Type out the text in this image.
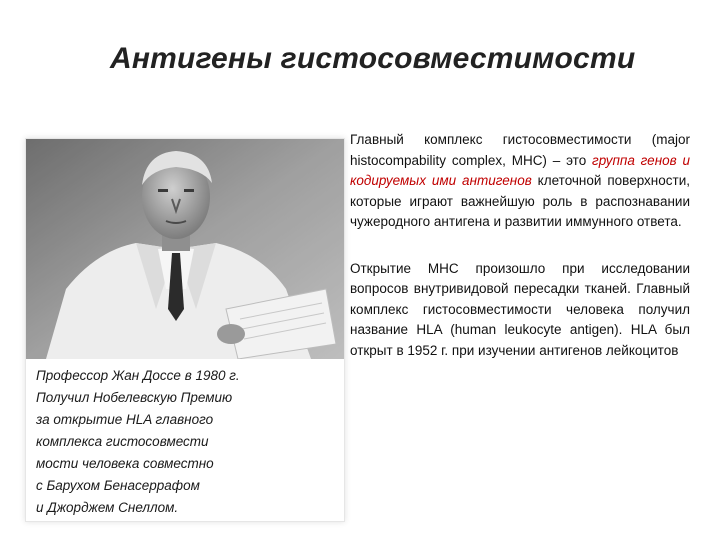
Антигены гистосовместимости
Профессор Жан Доссе в 1980 г.
Получил Нобелевскую Премию
за открытие HLA главного
комплекса гистосовмести
мости человека совместно
с Барухом Бенасеррафом
и Джорджем Снеллом.

Главный комплекс гистосовместимости (major histocompability complex, MHC) – это группа генов и кодируемых ими антигенов клеточной поверхности, которые играют важнейшую роль в распознавании чужеродного антигена и развитии иммунного ответа.

Открытие МНС произошло при исследовании вопросов внутривидовой пересадки тканей. Главный комплекс гистосовместимости человека получил название HLA (human leukocyte antigen). HLA был открыт в 1952 г. при изучении антигенов лейкоцитов
